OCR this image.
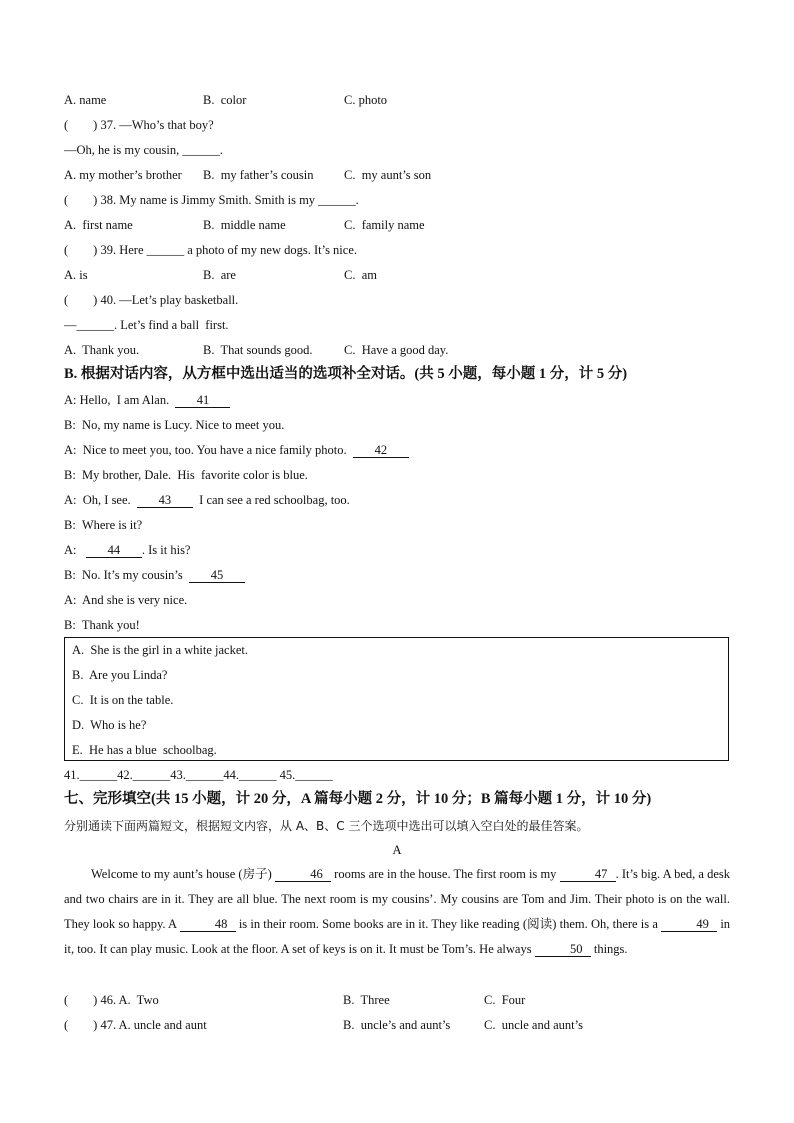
A. name	B.  color	C. photo
(        ) 37. —Who’s that boy?
—Oh, he is my cousin, ______.
A. my mother’s brother B.  my father’s cousin C.  my aunt’s son
(        ) 38. My name is Jimmy Smith. Smith is my ______.
A.  first name	B.  middle name	C.  family name
(        ) 39. Here ______ a photo of my new dogs. It’s nice.
A. is	B.  are	C.  am
(        ) 40. —Let’s play basketball.
—______. Let’s find a ball  first.
A.  Thank you.	B.  That sounds good.	C.  Have a good day.
B. 根据对话内容，从方框中选出适当的选项补全对话。(共 5 小题，每小题 1 分，计 5 分)
A: Hello,  I am Alan. 41
B:  No, my name is Lucy. Nice to meet you.
A:  Nice to meet you, too. You have a nice family photo. 42
B:  My brother, Dale.  His  favorite color is blue.
A:  Oh, I see. 43 I can see a red schoolbag, too.
B:  Where is it?
A: 44 . Is it his?
B:  No. It’s my cousin’s 45
A:  And she is very nice.
B:  Thank you!
A.  She is the girl in a white jacket.
B.  Are you Linda?
C.  It is on the table.
D.  Who is he?
E.  He has a blue  schoolbag.
41.______42.______43.______44.______ 45.______
七、完形填空(共 15 小题，计 20 分，A 篇每小题 2 分，计 10 分；B 篇每小题 1 分，计 10 分)
分别通读下面两篇短文，根据短文内容，从 A、B、C 三个选项中选出可以填入空白处的最佳答案。
A
Welcome to my aunt’s house (房子)	46 rooms are in the house. The first room is my	47 . It’s big. A bed, a desk and two chairs are in it. They are all blue. The next room is my cousins’. My cousins are Tom and Jim. Their photo is on the wall. They look so happy. A	48 is in their room. Some books are in it. They like reading (阅读) them. Oh, there is a	49 in it, too. It can play music. Look at the floor. A set of keys is on it. It must be Tom’s. He always	50 things.
(        ) 46. A.  Two	B.  Three	C.  Four
(        ) 47. A. uncle and aunt	B.  uncle’s and aunt’s	C.  uncle and aunt’s
